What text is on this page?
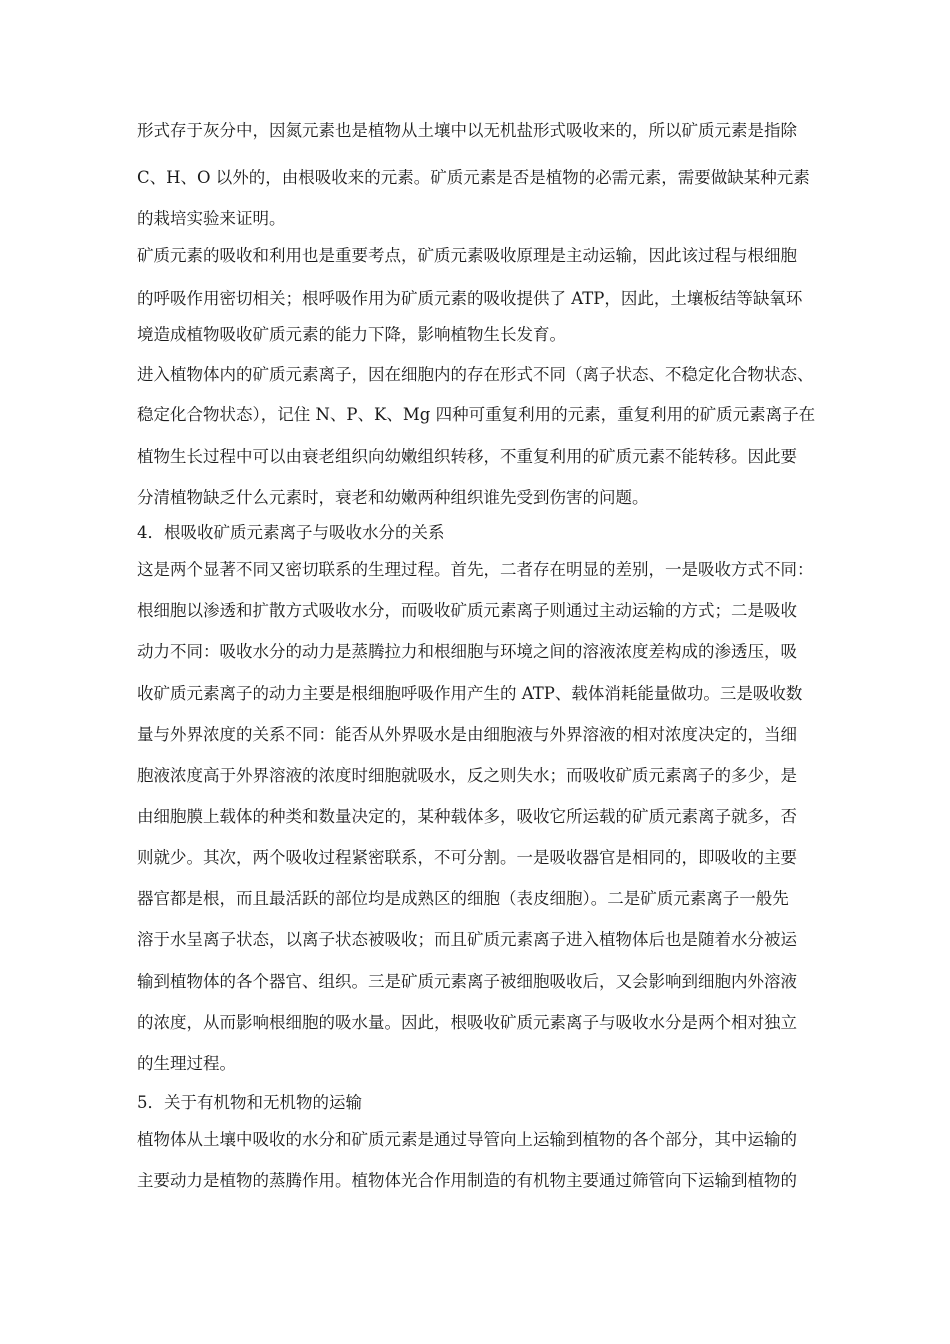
形式存于灰分中，因氮元素也是植物从土壤中以无机盐形式吸收来的，所以矿质元素是指除
C、H、O 以外的，由根吸收来的元素。矿质元素是否是植物的必需元素，需要做缺某种元素
的栽培实验来证明。
矿质元素的吸收和利用也是重要考点，矿质元素吸收原理是主动运输，因此该过程与根细胞
的呼吸作用密切相关；根呼吸作用为矿质元素的吸收提供了 ATP，因此，土壤板结等缺氧环
境造成植物吸收矿质元素的能力下降，影响植物生长发育。
进入植物体内的矿质元素离子，因在细胞内的存在形式不同（离子状态、不稳定化合物状态、
稳定化合物状态），记住 N、P、K、Mg 四种可重复利用的元素，重复利用的矿质元素离子在
植物生长过程中可以由衰老组织向幼嫩组织转移，不重复利用的矿质元素不能转移。因此要
分清植物缺乏什么元素时，衰老和幼嫩两种组织谁先受到伤害的问题。
4．根吸收矿质元素离子与吸收水分的关系
这是两个显著不同又密切联系的生理过程。首先，二者存在明显的差别，一是吸收方式不同：
根细胞以渗透和扩散方式吸收水分，而吸收矿质元素离子则通过主动运输的方式；二是吸收
动力不同：吸收水分的动力是蒸腾拉力和根细胞与环境之间的溶液浓度差构成的渗透压，吸
收矿质元素离子的动力主要是根细胞呼吸作用产生的 ATP、载体消耗能量做功。三是吸收数
量与外界浓度的关系不同：能否从外界吸水是由细胞液与外界溶液的相对浓度决定的，当细
胞液浓度高于外界溶液的浓度时细胞就吸水，反之则失水；而吸收矿质元素离子的多少，是
由细胞膜上载体的种类和数量决定的，某种载体多，吸收它所运载的矿质元素离子就多，否
则就少。其次，两个吸收过程紧密联系，不可分割。一是吸收器官是相同的，即吸收的主要
器官都是根，而且最活跃的部位均是成熟区的细胞（表皮细胞）。二是矿质元素离子一般先
溶于水呈离子状态，以离子状态被吸收；而且矿质元素离子进入植物体后也是随着水分被运
输到植物体的各个器官、组织。三是矿质元素离子被细胞吸收后，又会影响到细胞内外溶液
的浓度，从而影响根细胞的吸水量。因此，根吸收矿质元素离子与吸收水分是两个相对独立
的生理过程。
5．关于有机物和无机物的运输
植物体从土壤中吸收的水分和矿质元素是通过导管向上运输到植物的各个部分，其中运输的
主要动力是植物的蒸腾作用。植物体光合作用制造的有机物主要通过筛管向下运输到植物的
